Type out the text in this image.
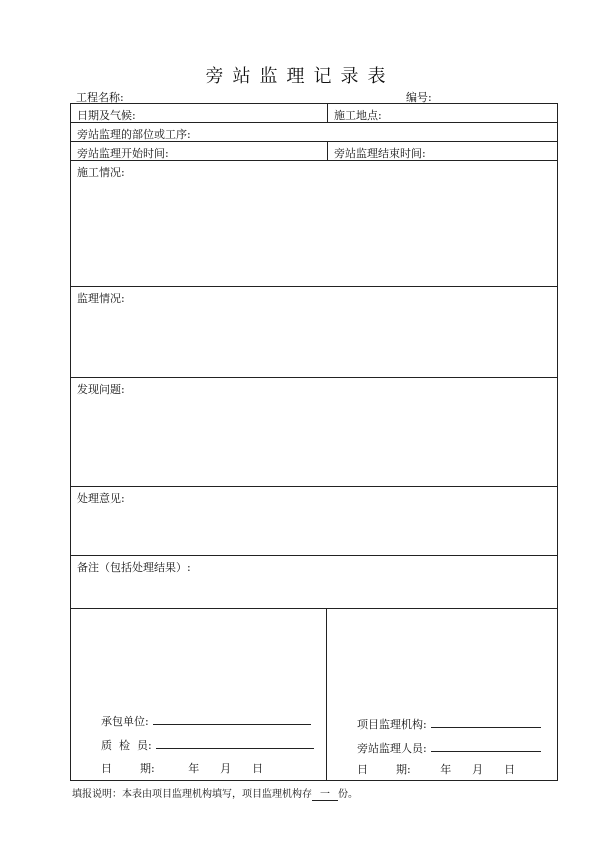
旁站监理记录表
工程名称:	编号:
日期及气候:	施工地点:
旁站监理的部位或工序:
旁站监理开始时间:	旁站监理结束时间:
施工情况:
监理情况:
发现问题:
处理意见:
备注（包括处理结果）:
承包单位:
质  检  员:
日        期:	年      月      日
项目监理机构:
旁站监理人员:
日        期:	年      月      日
填报说明：本表由项目监理机构填写，项目监理机构存 一 份。
